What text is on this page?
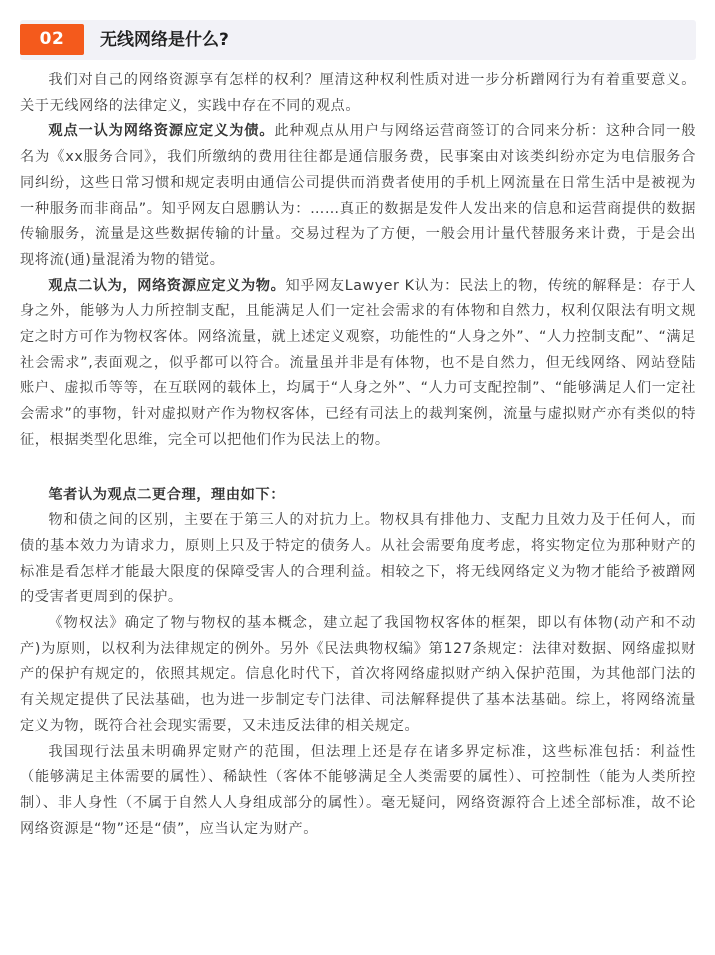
02	无线网络是什么?

我们对自己的网络资源享有怎样的权利？厘清这种权利性质对进一步分析蹭网行为有着重要意义。关于无线网络的法律定义，实践中存在不同的观点。

观点一认为网络资源应定义为债。此种观点从用户与网络运营商签订的合同来分析：这种合同一般名为《xx服务合同》，我们所缴纳的费用往往都是通信服务费，民事案由对该类纠纷亦定为电信服务合同纠纷，这些日常习惯和规定表明由通信公司提供而消费者使用的手机上网流量在日常生活中是被视为一种服务而非商品”。知乎网友白恩鹏认为：……真正的数据是发件人发出来的信息和运营商提供的数据传输服务，流量是这些数据传输的计量。交易过程为了方便，一般会用计量代替服务来计费，于是会出现将流(通)量混淆为物的错觉。

观点二认为，网络资源应定义为物。知乎网友Lawyer K认为：民法上的物，传统的解释是：存于人身之外，能够为人力所控制支配，且能满足人们一定社会需求的有体物和自然力，权利仅限法有明文规定之时方可作为物权客体。网络流量，就上述定义观察，功能性的“人身之外”、“人力控制支配”、“满足社会需求”,表面观之，似乎都可以符合。流量虽并非是有体物，也不是自然力，但无线网络、网站登陆账户、虚拟币等等，在互联网的载体上，均属于“人身之外”、“人力可支配控制”、“能够满足人们一定社会需求”的事物，针对虚拟财产作为物权客体，已经有司法上的裁判案例，流量与虚拟财产亦有类似的特征，根据类型化思维，完全可以把他们作为民法上的物。

笔者认为观点二更合理，理由如下：

物和债之间的区别，主要在于第三人的对抗力上。物权具有排他力、支配力且效力及于任何人，而债的基本效力为请求力，原则上只及于特定的债务人。从社会需要角度考虑，将实物定位为那种财产的标准是看怎样才能最大限度的保障受害人的合理利益。相较之下，将无线网络定义为物才能给予被蹭网的受害者更周到的保护。

《物权法》确定了物与物权的基本概念，建立起了我国物权客体的框架，即以有体物(动产和不动产)为原则，以权利为法律规定的例外。另外《民法典物权编》第127条规定：法律对数据、网络虚拟财产的保护有规定的，依照其规定。信息化时代下，首次将网络虚拟财产纳入保护范围，为其他部门法的有关规定提供了民法基础，也为进一步制定专门法律、司法解释提供了基本法基础。综上，将网络流量定义为物，既符合社会现实需要，又未违反法律的相关规定。

我国现行法虽未明确界定财产的范围，但法理上还是存在诸多界定标准，这些标准包括：利益性（能够满足主体需要的属性）、稀缺性（客体不能够满足全人类需要的属性）、可控制性（能为人类所控制）、非人身性（不属于自然人人身组成部分的属性）。毫无疑问，网络资源符合上述全部标准，故不论网络资源是“物”还是“债”，应当认定为财产。
